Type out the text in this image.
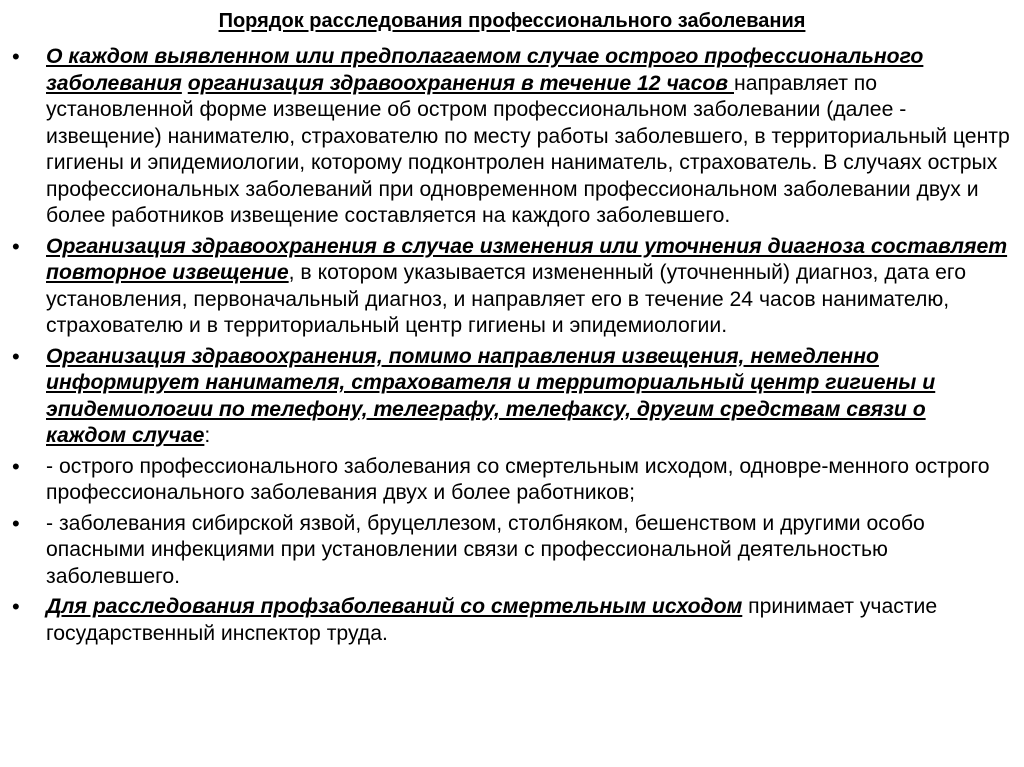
Порядок расследования профессионального заболевания
• О каждом выявленном или предполагаемом случае острого профессионального заболевания организация здравоохранения в течение 12 часов направляет по установленной форме извещение об остром профессиональном заболевании (далее - извещение) нанимателю, страхователю по месту работы заболевшего, в территориальный центр гигиены и эпидемиологии, которому подконтролен наниматель, страхователь. В случаях острых профессиональных заболеваний при одновременном профессиональном заболевании двух и более работников извещение составляется на каждого заболевшего.
• Организация здравоохранения в случае изменения или уточнения диагноза составляет повторное извещение, в котором указывается измененный (уточненный) диагноз, дата его установления, первоначальный диагноз, и направляет его в течение 24 часов нанимателю, страхователю и в территориальный центр гигиены и эпидемиологии.
• Организация здравоохранения, помимо направления извещения, немедленно информирует нанимателя, страхователя и территориальный центр гигиены и эпидемиологии по телефону, телеграфу, телефаксу, другим средствам связи о каждом случае:
• - острого профессионального заболевания со смертельным исходом, одновре-менного острого профессионального заболевания двух и более работников;
• - заболевания сибирской язвой, бруцеллезом, столбняком, бешенством и другими особо опасными инфекциями при установлении связи с профессиональной деятельностью заболевшего.
• Для расследования профзаболеваний со смертельным исходом принимает участие государственный инспектор труда.
